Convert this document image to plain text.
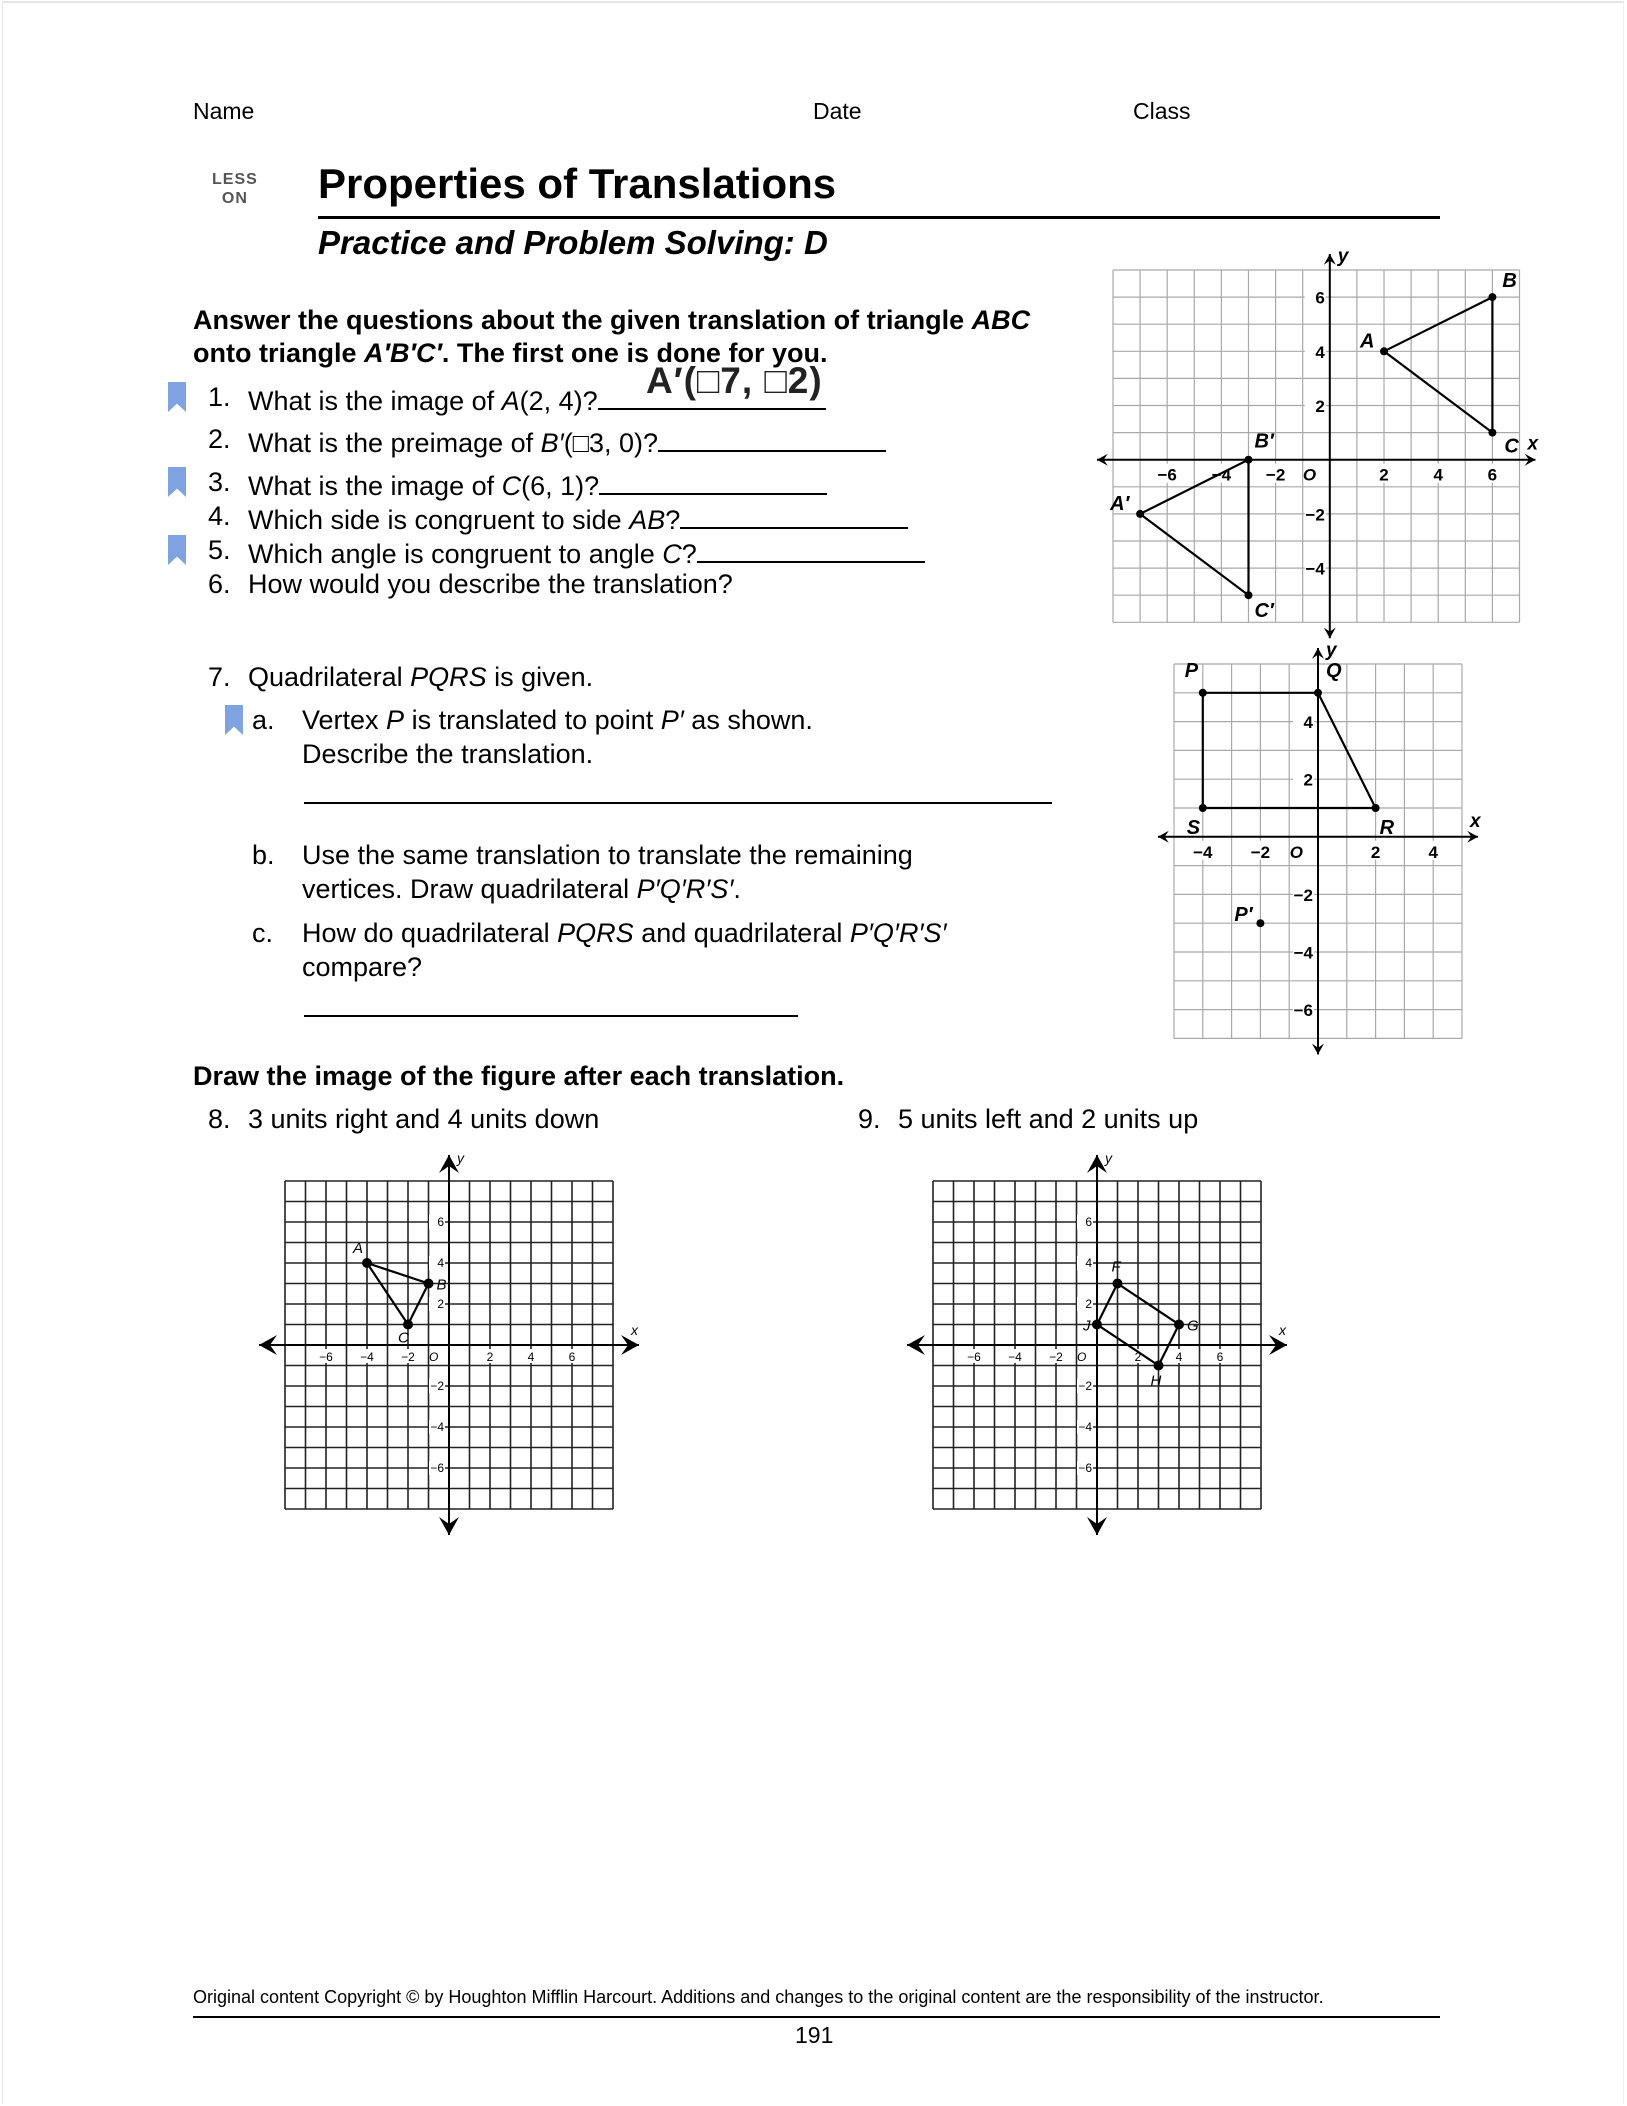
Name	Date	Class
LESS
ON Properties of Translations
Practice and Problem Solving: D
Answer the questions about the given translation of triangle ABC
onto triangle A′B′C′. The first one is done for you.
1. What is the image of A(2, 4)?	A′(□7, □2)
2. What is the preimage of B′(□3, 0)?
3. What is the image of C(6, 1)?
4. Which side is congruent to side AB?
5. Which angle is congruent to angle C?
6. How would you describe the translation?
7. Quadrilateral PQRS is given.
a. Vertex P is translated to point P′ as shown.
Describe the translation.
b. Use the same translation to translate the remaining
vertices. Draw quadrilateral P′Q′R′S′.
c. How do quadrilateral PQRS and quadrilateral P′Q′R′S′
compare?
Draw the image of the figure after each translation.
8. 3 units right and 4 units down	9. 5 units left and 2 units up
x
y
O
−6 −4 −2	2	4	6
−4
−2
2
4
6
A
B
C
A′
B′
C′
x
y
O
−4 −2	2	4
−6
−4
−2
2
4
P	Q
R
S
P′
x
y
O
−6 −4 −2	2	4	6
−6
−4
−2
2
4
6
A
B
C	x
y
O
−6 −4 −2	2	4	6
−6
−4
−2
2
4
6
F
G
H
J
Original content Copyright © by Houghton Mifflin Harcourt. Additions and changes to the original content are the responsibility of the instructor.
191
